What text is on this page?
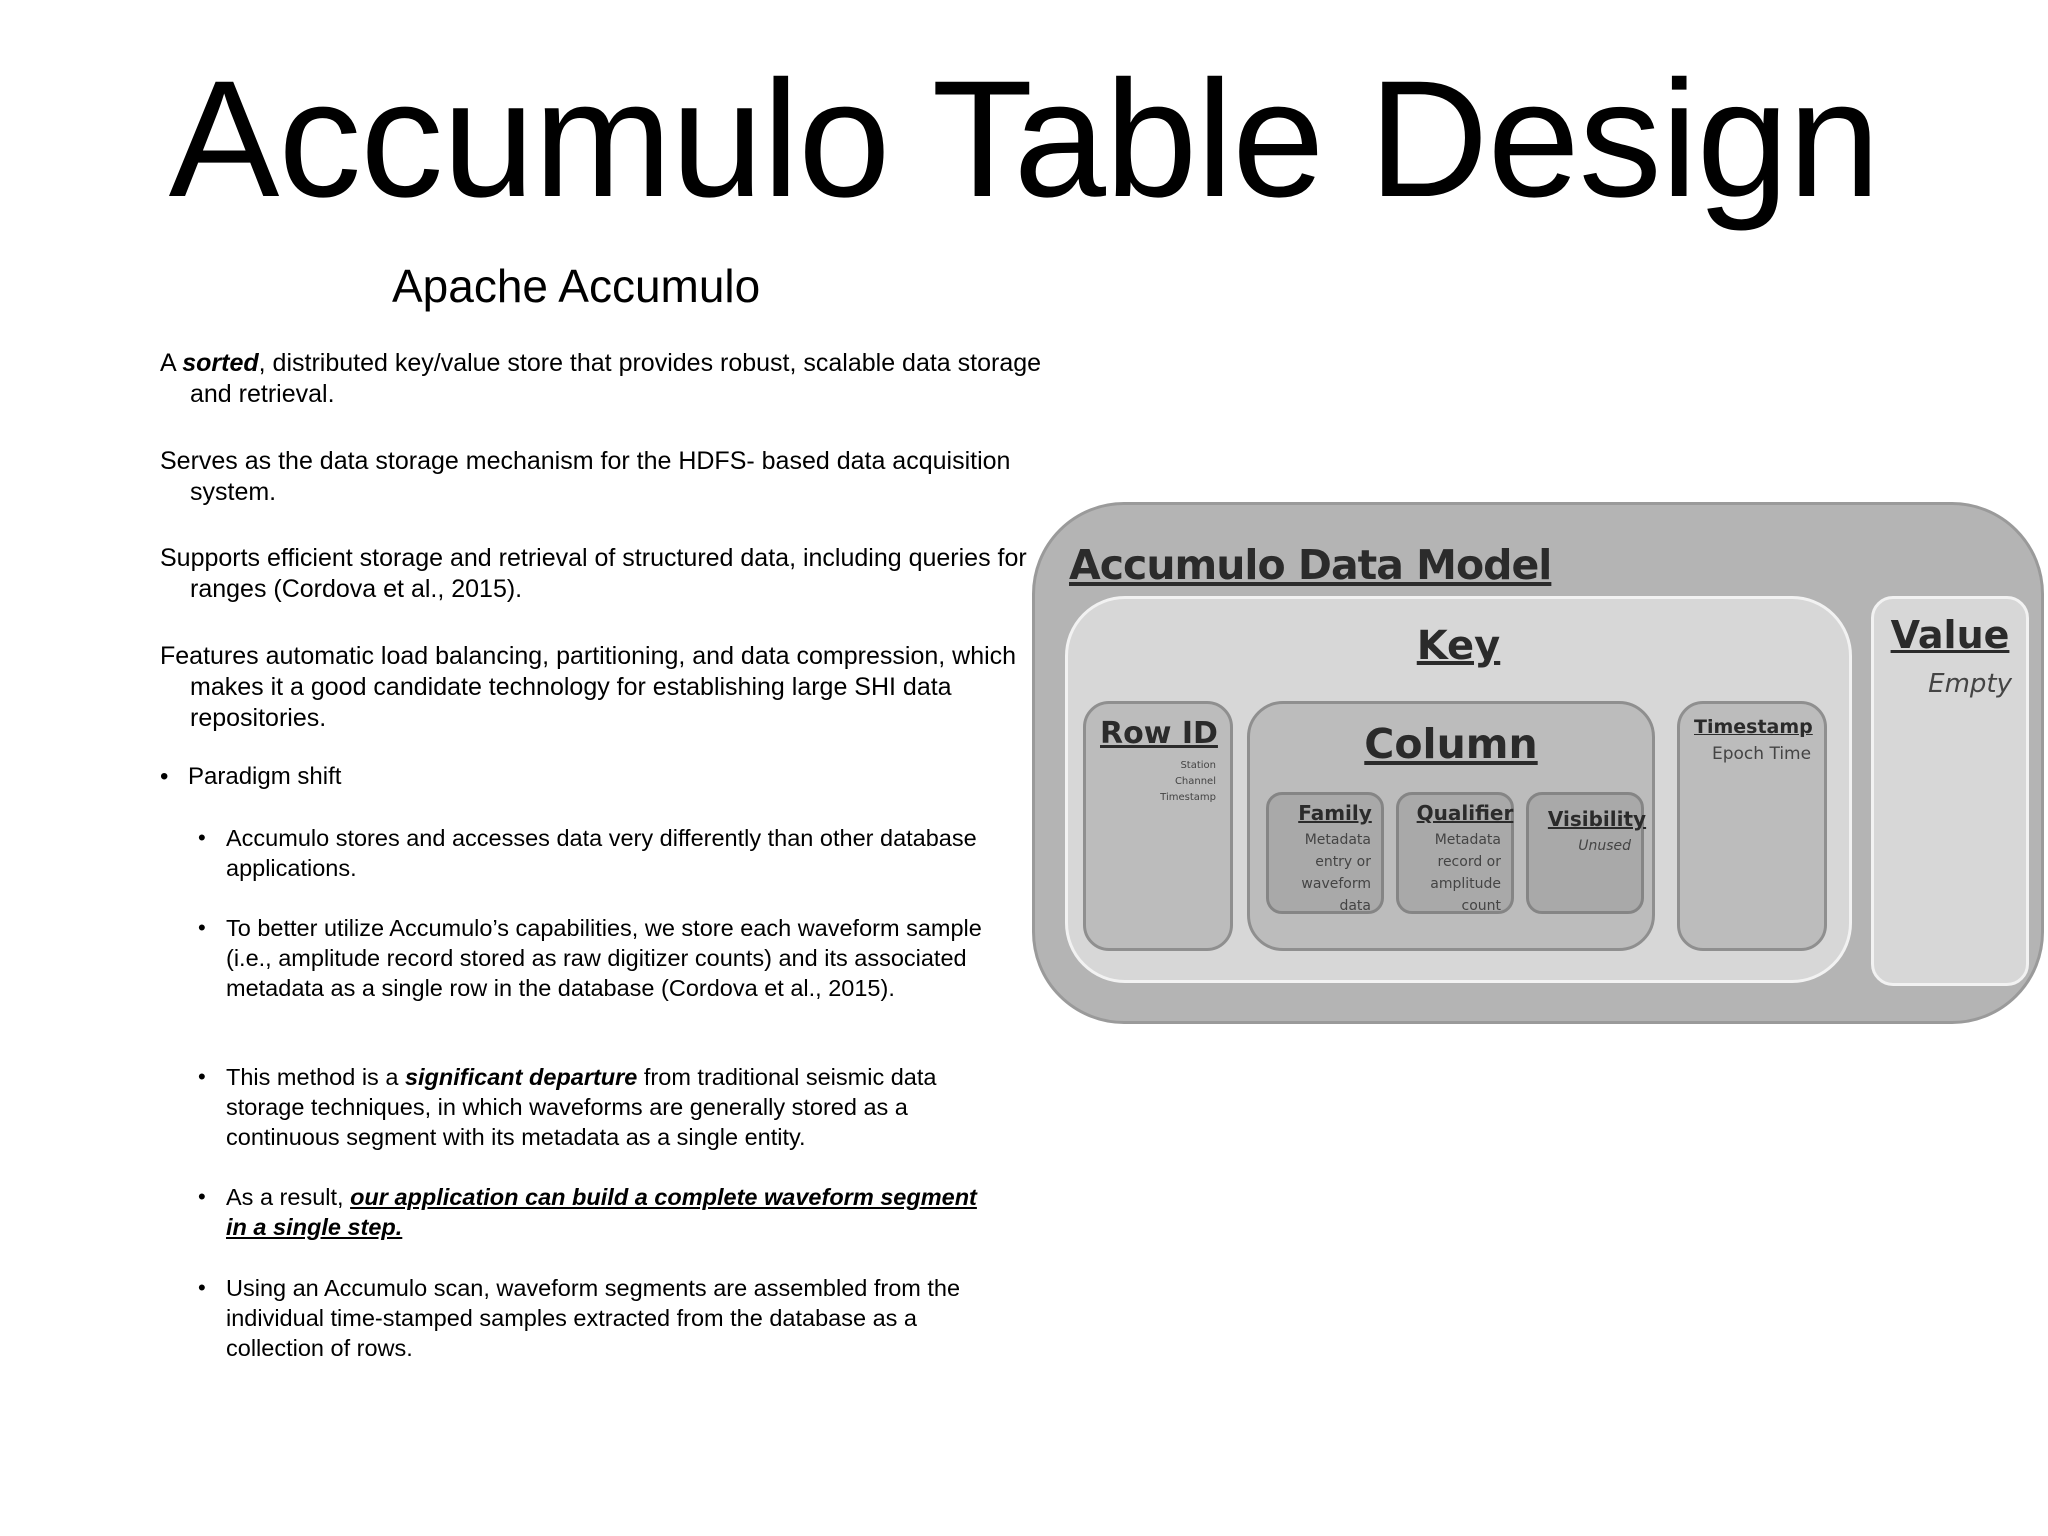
Accumulo Table Design
Apache Accumulo
A sorted, distributed key/value store that provides robust, scalable data storage and retrieval.
Serves as the data storage mechanism for the HDFS- based data acquisition system.
Supports efficient storage and retrieval of structured data, including queries for ranges (Cordova et al., 2015).
Features automatic load balancing, partitioning, and data compression, which makes it a good candidate technology for establishing large SHI data repositories.
• Paradigm shift
• Accumulo stores and accesses data very differently than other database applications.
• To better utilize Accumulo’s capabilities, we store each waveform sample (i.e., amplitude record stored as raw digitizer counts) and its associated metadata as a single row in the database (Cordova et al., 2015).
• This method is a significant departure from traditional seismic data storage techniques, in which waveforms are generally stored as a continuous segment with its metadata as a single entity.
• As a result, our application can build a complete waveform segment in a single step.
• Using an Accumulo scan, waveform segments are assembled from the individual time-stamped samples extracted from the database as a collection of rows.
Accumulo Data Model
Key	Value
Empty
Row ID
Station
Channel
Timestamp
Column
Family
Metadata
entry or
waveform
data
Qualifier
Metadata
record or
amplitude
count
Visibility
Unused
Timestamp
Epoch Time
